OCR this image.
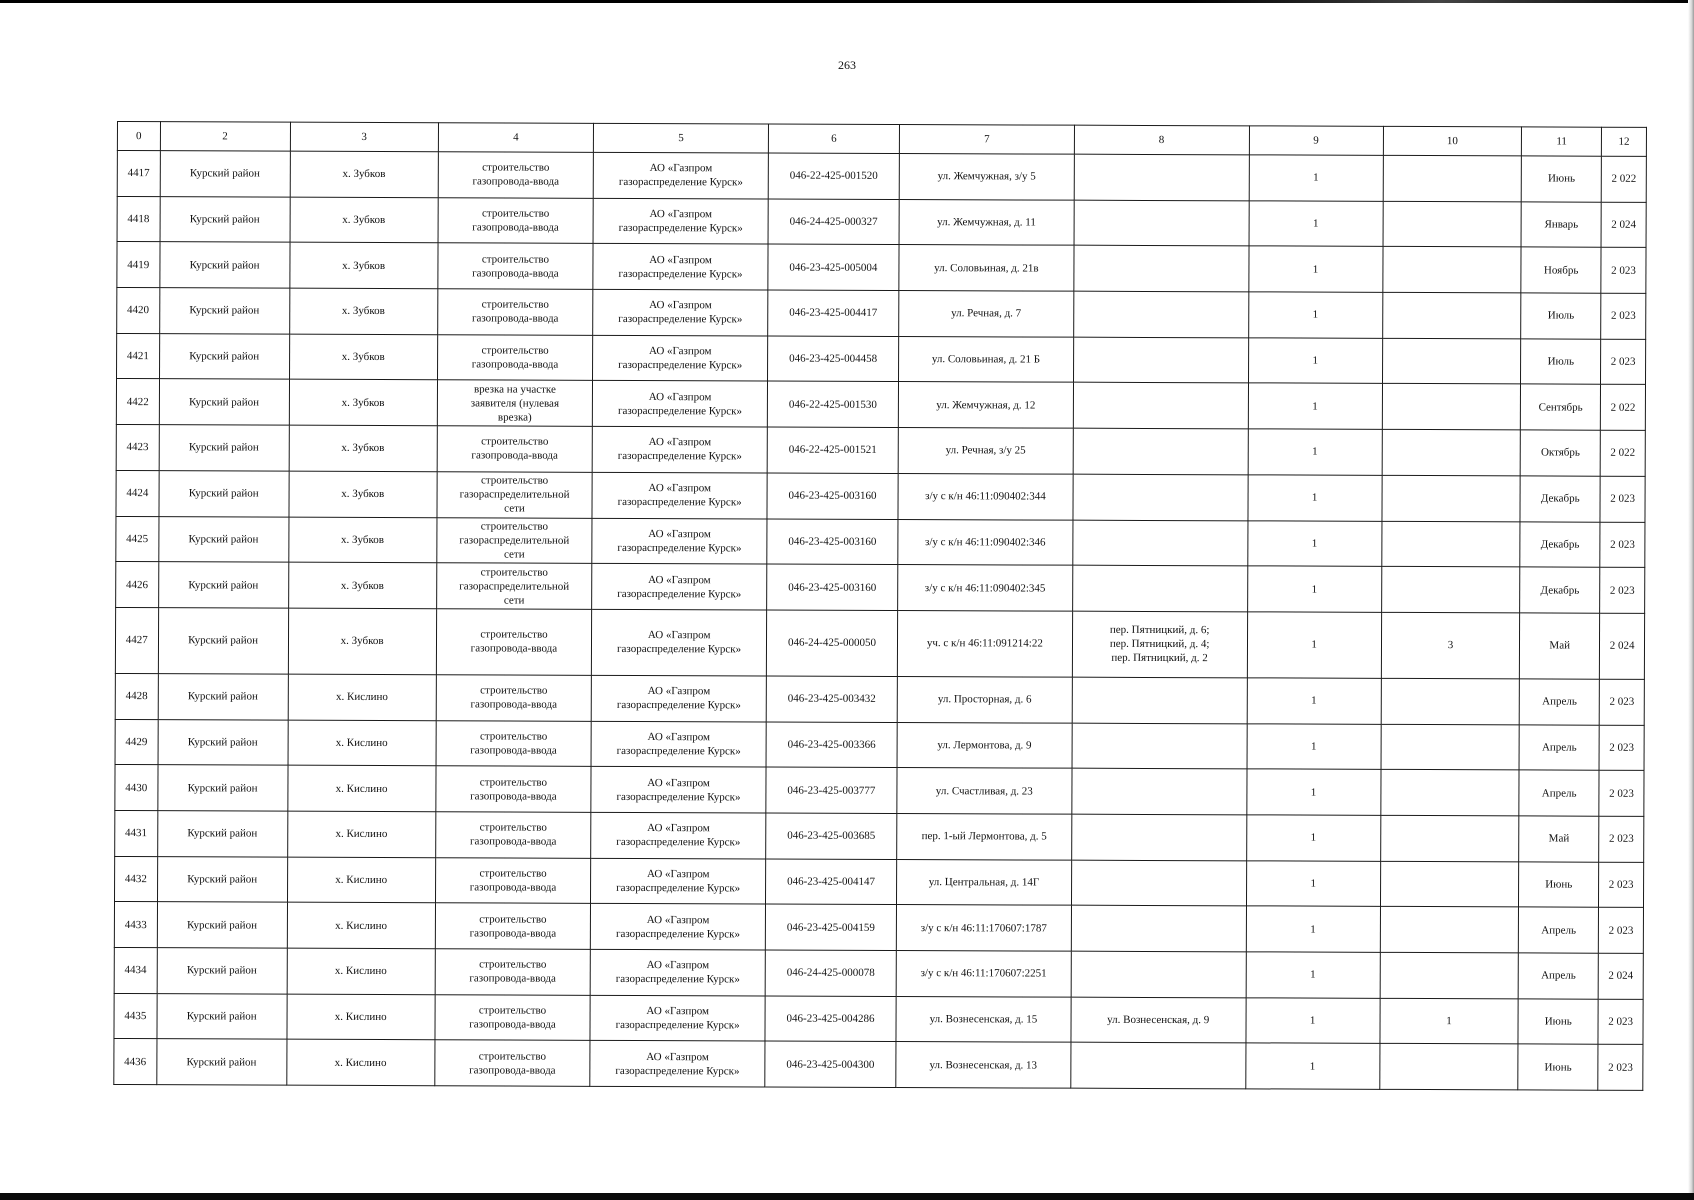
263
0	2	3	4	5	6	7	8	9	10	11	12
4417	Курский район	х. Зубков	строительство
газопровода-ввода	АО «Газпром
газораспределение Курск»	046-22-425-001520	ул. Жемчужная, з/у 5		1		Июнь	2 022
4418	Курский район	х. Зубков	строительство
газопровода-ввода	АО «Газпром
газораспределение Курск»	046-24-425-000327	ул. Жемчужная, д. 11		1		Январь	2 024
4419	Курский район	х. Зубков	строительство
газопровода-ввода	АО «Газпром
газораспределение Курск»	046-23-425-005004	ул. Соловьиная, д. 21в		1		Ноябрь	2 023
4420	Курский район	х. Зубков	строительство
газопровода-ввода	АО «Газпром
газораспределение Курск»	046-23-425-004417	ул. Речная, д. 7		1		Июль	2 023
4421	Курский район	х. Зубков	строительство
газопровода-ввода	АО «Газпром
газораспределение Курск»	046-23-425-004458	ул. Соловьиная, д. 21 Б		1		Июль	2 023
4422	Курский район	х. Зубков	врезка на участке
заявителя (нулевая
врезка)	АО «Газпром
газораспределение Курск»	046-22-425-001530	ул. Жемчужная, д. 12		1		Сентябрь	2 022
4423	Курский район	х. Зубков	строительство
газопровода-ввода	АО «Газпром
газораспределение Курск»	046-22-425-001521	ул. Речная, з/у 25		1		Октябрь	2 022
4424	Курский район	х. Зубков	строительство
газораспределительной
сети	АО «Газпром
газораспределение Курск»	046-23-425-003160	з/у с к/н 46:11:090402:344		1		Декабрь	2 023
4425	Курский район	х. Зубков	строительство
газораспределительной
сети	АО «Газпром
газораспределение Курск»	046-23-425-003160	з/у с к/н 46:11:090402:346		1		Декабрь	2 023
4426	Курский район	х. Зубков	строительство
газораспределительной
сети	АО «Газпром
газораспределение Курск»	046-23-425-003160	з/у с к/н 46:11:090402:345		1		Декабрь	2 023
4427	Курский район	х. Зубков	строительство
газопровода-ввода	АО «Газпром
газораспределение Курск»	046-24-425-000050	уч. с к/н 46:11:091214:22	пер. Пятницкий, д. 6;
пер. Пятницкий, д. 4;
пер. Пятницкий, д. 2	1	3	Май	2 024
4428	Курский район	х. Кислино	строительство
газопровода-ввода	АО «Газпром
газораспределение Курск»	046-23-425-003432	ул. Просторная, д. 6		1		Апрель	2 023
4429	Курский район	х. Кислино	строительство
газопровода-ввода	АО «Газпром
газораспределение Курск»	046-23-425-003366	ул. Лермонтова, д. 9		1		Апрель	2 023
4430	Курский район	х. Кислино	строительство
газопровода-ввода	АО «Газпром
газораспределение Курск»	046-23-425-003777	ул. Счастливая, д. 23		1		Апрель	2 023
4431	Курский район	х. Кислино	строительство
газопровода-ввода	АО «Газпром
газораспределение Курск»	046-23-425-003685	пер. 1-ый Лермонтова, д. 5		1		Май	2 023
4432	Курский район	х. Кислино	строительство
газопровода-ввода	АО «Газпром
газораспределение Курск»	046-23-425-004147	ул. Центральная, д. 14Г		1		Июнь	2 023
4433	Курский район	х. Кислино	строительство
газопровода-ввода	АО «Газпром
газораспределение Курск»	046-23-425-004159	з/у с к/н 46:11:170607:1787		1		Апрель	2 023
4434	Курский район	х. Кислино	строительство
газопровода-ввода	АО «Газпром
газораспределение Курск»	046-24-425-000078	з/у с к/н 46:11:170607:2251		1		Апрель	2 024
4435	Курский район	х. Кислино	строительство
газопровода-ввода	АО «Газпром
газораспределение Курск»	046-23-425-004286	ул. Вознесенская, д. 15	ул. Вознесенская, д. 9	1	1	Июнь	2 023
4436	Курский район	х. Кислино	строительство
газопровода-ввода	АО «Газпром
газораспределение Курск»	046-23-425-004300	ул. Вознесенская, д. 13		1		Июнь	2 023
